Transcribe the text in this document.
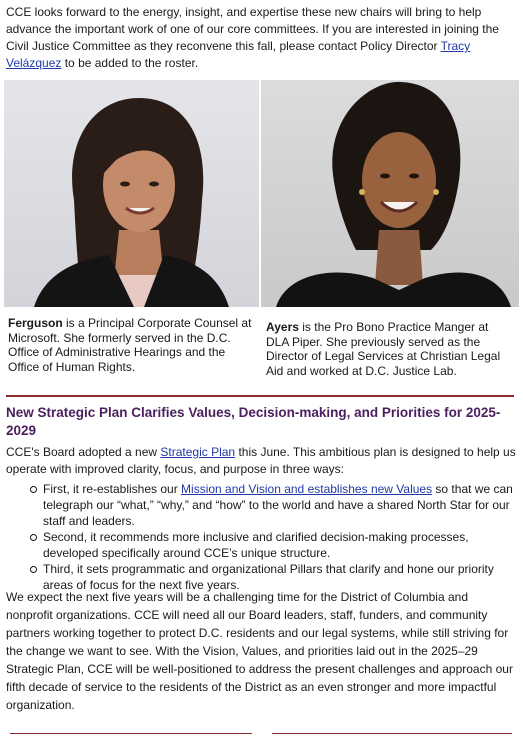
CCE looks forward to the energy, insight, and expertise these new chairs will bring to help advance the important work of one of our core committees. If you are interested in joining the Civil Justice Committee as they reconvene this fall, please contact Policy Director Tracy Velázquez to be added to the roster.

Ferguson is a Principal Corporate Counsel at Microsoft. She formerly served in the D.C. Office of Administrative Hearings and the Office of Human Rights.

Ayers is the Pro Bono Practice Manger at DLA Piper. She previously served as the Director of Legal Services at Christian Legal Aid and worked at D.C. Justice Lab.

New Strategic Plan Clarifies Values, Decision-making, and Priorities for 2025-2029

CCE's Board adopted a new Strategic Plan this June. This ambitious plan is designed to help us operate with improved clarity, focus, and purpose in three ways:

First, it re-establishes our Mission and Vision and establishes new Values so that we can telegraph our “what,” “why,” and “how” to the world and have a shared North Star for our staff and leaders.
Second, it recommends more inclusive and clarified decision-making processes, developed specifically around CCE’s unique structure.
Third, it sets programmatic and organizational Pillars that clarify and hone our priority areas of focus for the next five years.

We expect the next five years will be a challenging time for the District of Columbia and nonprofit organizations. CCE will need all our Board leaders, staff, funders, and community partners working together to protect D.C. residents and our legal systems, while still striving for the change we want to see. With the Vision, Values, and priorities laid out in the 2025–29 Strategic Plan, CCE will be well-positioned to address the present challenges and approach our fifth decade of service to the residents of the District as an even stronger and more impactful organization.
